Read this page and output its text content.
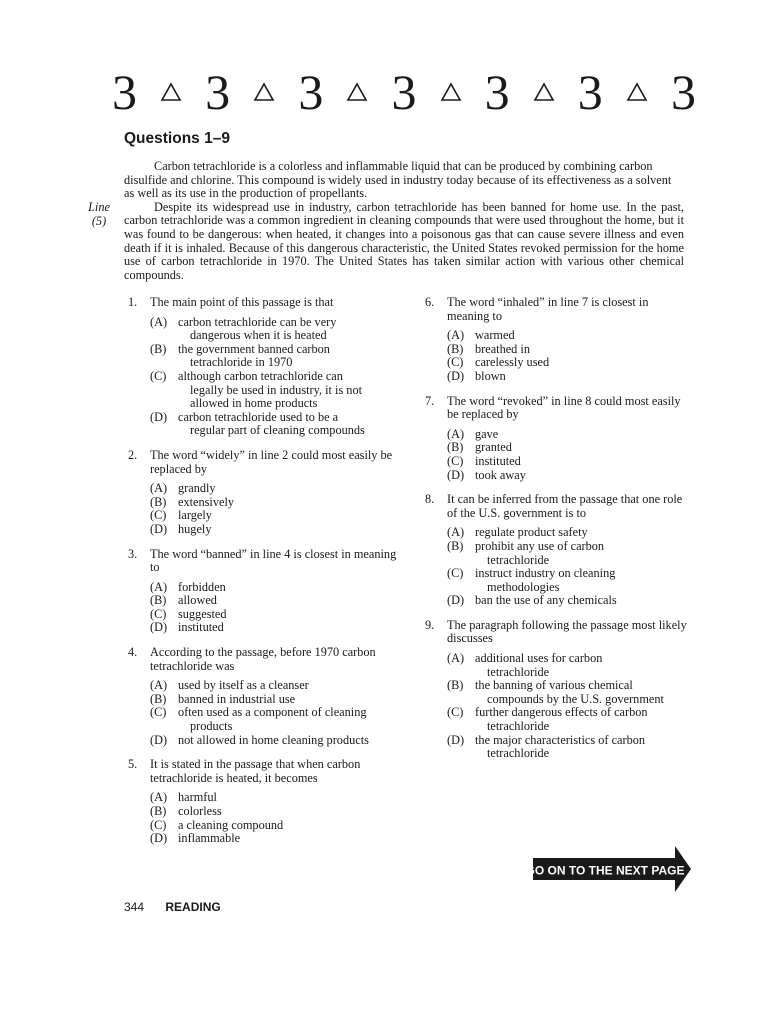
3 3 3 3 3 3 3
Questions 1–9
Line
(5)

Carbon tetrachloride is a colorless and inflammable liquid that can be produced by combining carbon disulfide and chlorine. This compound is widely used in industry today because of its effectiveness as a solvent as well as its use in the production of propellants.

Despite its widespread use in industry, carbon tetrachloride has been banned for home use. In the past, carbon tetrachloride was a common ingredient in cleaning compounds that were used throughout the home, but it was found to be dangerous: when heated, it changes into a poisonous gas that can cause severe illness and even death if it is inhaled. Because of this dangerous characteristic, the United States revoked permission for the home use of carbon tetrachloride in 1970. The United States has taken similar action with various other chemical compounds.

1.	The main point of this passage is that
(A) carbon tetrachloride can be very
dangerous when it is heated
(B) the government banned carbon
tetrachloride in 1970
(C) although carbon tetrachloride can
legally be used in industry, it is not allowed in home products
(D) carbon tetrachloride used to be a
regular part of cleaning compounds
2.	The word “widely” in line 2 could most easily be replaced by
(A) grandly
(B) extensively
(C) largely
(D) hugely
3.	The word “banned” in line 4 is closest in meaning to
(A) forbidden
(B) allowed
(C) suggested
(D) instituted
4.	According to the passage, before 1970 carbon tetrachloride was
(A) used by itself as a cleanser
(B) banned in industrial use
(C) often used as a component of cleaning
products
(D) not allowed in home cleaning products
5.	It is stated in the passage that when carbon tetrachloride is heated, it becomes
(A) harmful
(B) colorless
(C) a cleaning compound
(D) inflammable
6.	The word “inhaled” in line 7 is closest in meaning to
(A) warmed
(B) breathed in
(C) carelessly used
(D) blown
7.	The word “revoked” in line 8 could most easily be replaced by
(A) gave
(B) granted
(C) instituted
(D) took away
8.	It can be inferred from the passage that one role of the U.S. government is to
(A) regulate product safety
(B) prohibit any use of carbon
tetrachloride
(C) instruct industry on cleaning
methodologies
(D) ban the use of any chemicals
9.	The paragraph following the passage most likely discusses
(A) additional uses for carbon
tetrachloride
(B) the banning of various chemical
compounds by the U.S. government
(C) further dangerous effects of carbon
tetrachloride
(D) the major characteristics of carbon
tetrachloride
GO ON TO THE NEXT PAGE
344 READING
